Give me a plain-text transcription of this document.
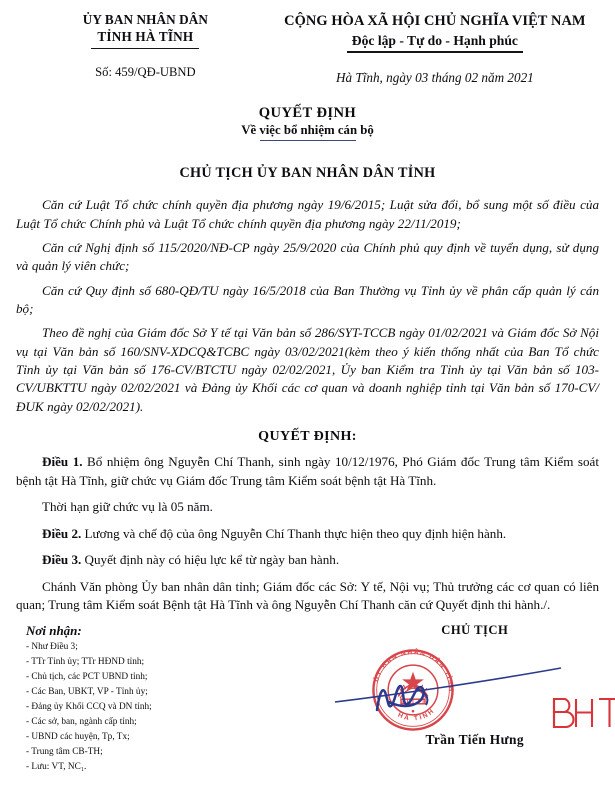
ỦY BAN NHÂN DÂN
TỈNH HÀ TĨNH
Số: 459/QĐ-UBND
CỘNG HÒA XÃ HỘI CHỦ NGHĨA VIỆT NAM
Độc lập - Tự do - Hạnh phúc
Hà Tĩnh, ngày 03 tháng 02 năm 2021
QUYẾT ĐỊNH
Về việc bổ nhiệm cán bộ
CHỦ TỊCH ỦY BAN NHÂN DÂN TỈNH

Căn cứ Luật Tổ chức chính quyền địa phương ngày 19/6/2015; Luật sửa đổi, bổ sung một số điều của Luật Tổ chức Chính phủ và Luật Tổ chức chính quyền địa phương ngày 22/11/2019;

Căn cứ Nghị định số 115/2020/NĐ-CP ngày 25/9/2020 của Chính phủ quy định về tuyển dụng, sử dụng và quản lý viên chức;

Căn cứ Quy định số 680-QĐ/TU ngày 16/5/2018 của Ban Thường vụ Tỉnh ủy về phân cấp quản lý cán bộ;

Theo đề nghị của Giám đốc Sở Y tế tại Văn bản số 286/SYT-TCCB ngày 01/02/2021 và Giám đốc Sở Nội vụ tại Văn bản số 160/SNV-XDCQ&TCBC ngày 03/02/2021(kèm theo ý kiến thống nhất của Ban Tổ chức Tỉnh ủy tại Văn bản số 176-CV/BTCTU ngày 02/02/2021, Ủy ban Kiểm tra Tỉnh ủy tại Văn bản số 103-CV/UBKTTU ngày 02/02/2021 và Đảng ủy Khối các cơ quan và doanh nghiệp tỉnh tại Văn bản số 170-CV/ĐUK ngày 02/02/2021).

QUYẾT ĐỊNH:

Điều 1. Bổ nhiệm ông Nguyễn Chí Thanh, sinh ngày 10/12/1976, Phó Giám đốc Trung tâm Kiểm soát bệnh tật Hà Tĩnh, giữ chức vụ Giám đốc Trung tâm Kiểm soát bệnh tật Hà Tĩnh.

Thời hạn giữ chức vụ là 05 năm.

Điều 2. Lương và chế độ của ông Nguyễn Chí Thanh thực hiện theo quy định hiện hành.

Điều 3. Quyết định này có hiệu lực kể từ ngày ban hành.

Chánh Văn phòng Ủy ban nhân dân tỉnh; Giám đốc các Sở: Y tế, Nội vụ; Thủ trưởng các cơ quan có liên quan; Trung tâm Kiểm soát Bệnh tật Hà Tĩnh và ông Nguyễn Chí Thanh căn cứ Quyết định thi hành./.

Nơi nhận:
- Như Điều 3;
- TTr Tỉnh ủy; TTr HĐND tỉnh;
- Chủ tịch, các PCT UBND tỉnh;
- Các Ban, UBKT, VP - Tỉnh ủy;
- Đảng ủy Khối CCQ và DN tỉnh;
- Các sở, ban, ngành cấp tỉnh;
- UBND các huyện, Tp, Tx;
- Trung tâm CB-TH;
- Lưu: VT, NC₁.
CHỦ TỊCH
ỦY BAN NHÂN DÂN TỈNH
HÀ TĨNH
Trần Tiến Hưng
